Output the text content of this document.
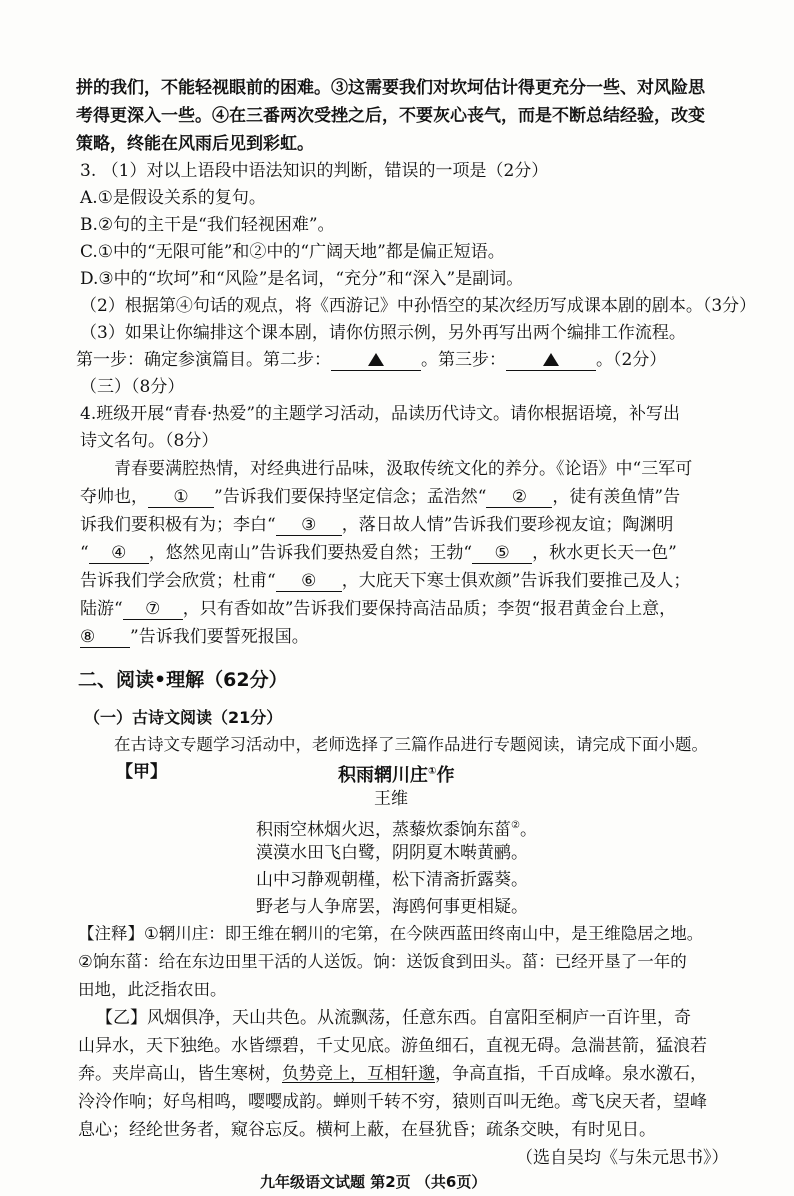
拼的我们，不能轻视眼前的困难。③这需要我们对坎坷估计得更充分一些、对风险思
考得更深入一些。④在三番两次受挫之后，不要灰心丧气，而是不断总结经验，改变
策略，终能在风雨后见到彩虹。
3. （1）对以上语段中语法知识的判断，错误的一项是（2分）
A.①是假设关系的复句。
B.②句的主干是“我们轻视困难”。
C.①中的“无限可能”和②中的“广阔天地”都是偏正短语。
D.③中的“坎坷”和“风险”是名词，“充分”和“深入”是副词。
（2）根据第④句话的观点，将《西游记》中孙悟空的某次经历写成课本剧的剧本。（3分）
（3）如果让你编排这个课本剧，请你仿照示例，另外再写出两个编排工作流程。
第一步：确定参演篇目。第二步：	。第三步：	。（2分）
（三）（8分）
4.班级开展“青春·热爱”的主题学习活动，品读历代诗文。请你根据语境，补写出
诗文名句。（8分）
青春要满腔热情，对经典进行品味，汲取传统文化的养分。《论语》中“三军可
夺帅也， ① ”告诉我们要保持坚定信念；孟浩然“ ② ，徒有羡鱼情”告
诉我们要积极有为；李白“ ③ ，落日故人情”告诉我们要珍视友谊；陶渊明
“ ④ ，悠然见南山”告诉我们要热爱自然；王勃“ ⑤ ，秋水更长天一色”
告诉我们学会欣赏；杜甫“ ⑥ ，大庇天下寒士俱欢颜”告诉我们要推己及人；
陆游“ ⑦ ，只有香如故”告诉我们要保持高洁品质；李贺“报君黄金台上意，
⑧ ”告诉我们要誓死报国。
二、阅读•理解（62分）
（一）古诗文阅读（21分）
在古诗文专题学习活动中，老师选择了三篇作品进行专题阅读，请完成下面小题。
【甲】	积雨辋川庄①作
王维
积雨空林烟火迟，蒸藜炊黍饷东菑②。
漠漠水田飞白鹭，阴阴夏木啭黄鹂。
山中习静观朝槿，松下清斋折露葵。
野老与人争席罢，海鸥何事更相疑。
【注释】①辋川庄：即王维在辋川的宅第，在今陕西蓝田终南山中，是王维隐居之地。
②饷东菑：给在东边田里干活的人送饭。饷：送饭食到田头。菑：已经开垦了一年的
田地，此泛指农田。
【乙】风烟俱净，天山共色。从流飘荡，任意东西。自富阳至桐庐一百许里，奇
山异水，天下独绝。水皆缥碧，千丈见底。游鱼细石，直视无碍。急湍甚箭，猛浪若
奔。夹岸高山，皆生寒树，负势竞上，互相轩邈，争高直指，千百成峰。泉水激石，
泠泠作响；好鸟相鸣，嘤嘤成韵。蝉则千转不穷，猿则百叫无绝。鸢飞戾天者，望峰
息心；经纶世务者，窥谷忘反。横柯上蔽，在昼犹昏；疏条交映，有时见日。
（选自吴均《与朱元思书》）
九年级语文试题 第2页 （共6页）
